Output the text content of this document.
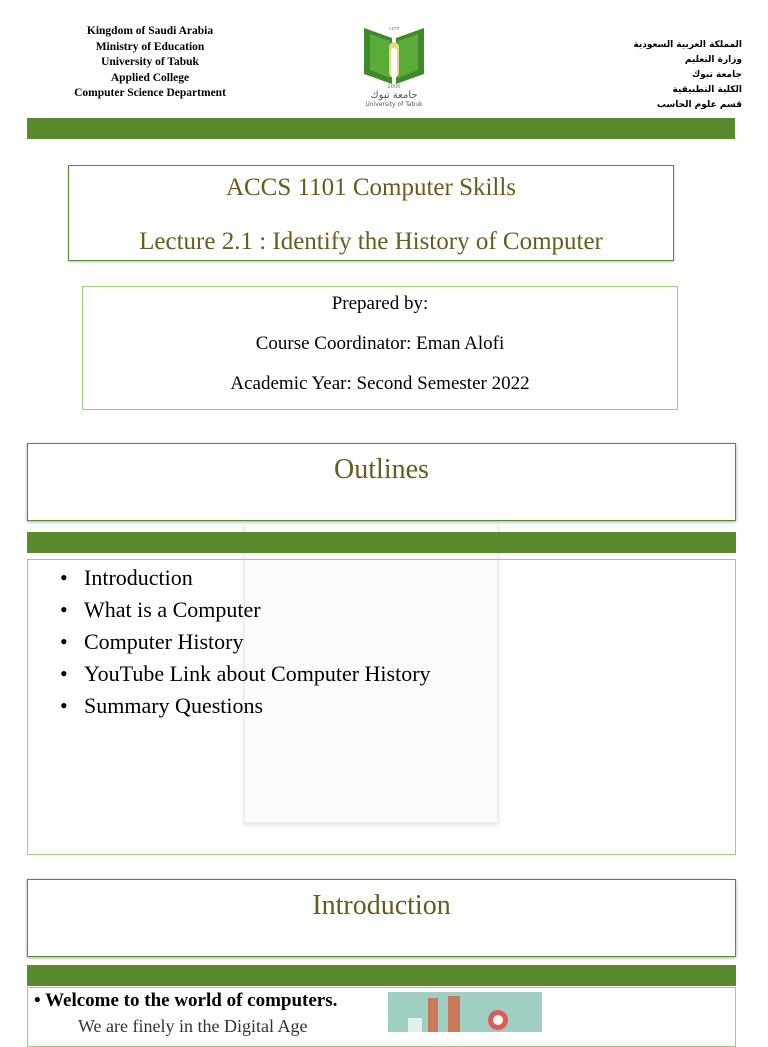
Kingdom of Saudi Arabia
Ministry of Education
University of Tabuk
Applied College
Computer Science Department
١٤٢٧
2006
جامعة تبوك
University of Tabuk
المملكة العربية السعودية
وزارة التعليم
جامعة تبوك
الكلية التطبيقية
قسم علوم الحاسب
ACCS 1101 Computer Skills
Lecture 2.1 : Identify the History of Computer
Prepared by:
Course Coordinator: Eman Alofi
Academic Year: Second Semester 2022
Outlines
• Introduction
• What is a Computer
• Computer History
• YouTube Link about Computer History
• Summary Questions
Introduction
• Welcome to the world of computers.
We are finely in the Digital Age
